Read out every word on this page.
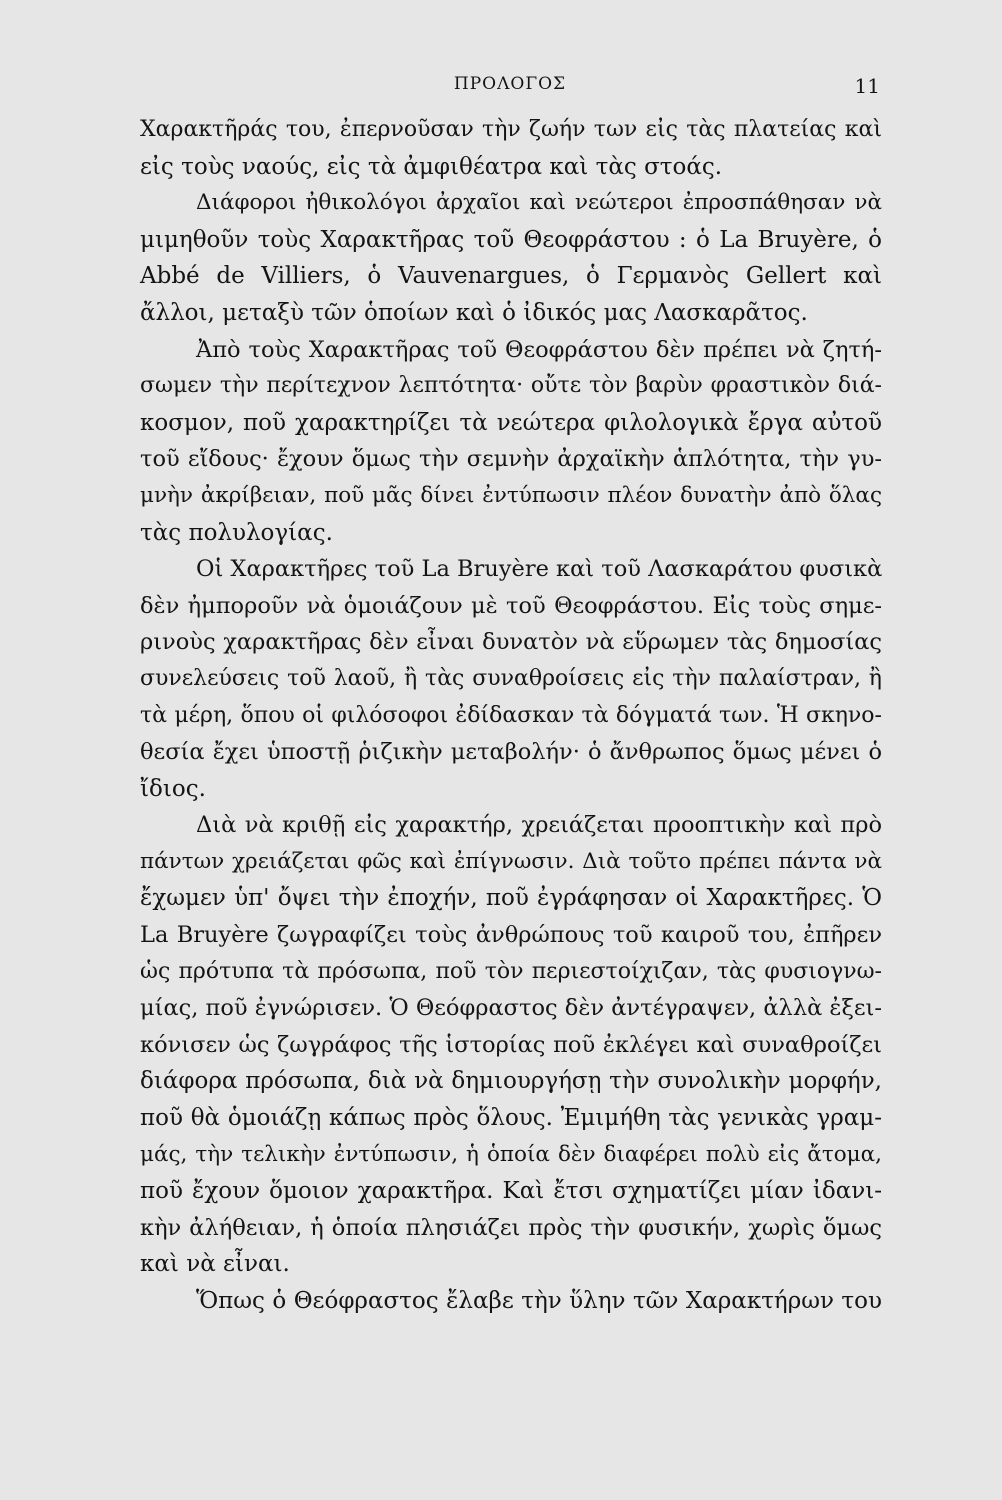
ΠΡΟΛΟΓΟΣ	11
Χαρακτῆράς του, ἐπερνοῦσαν τὴν ζωήν των εἰς τὰς πλατείας καὶ
εἰς τοὺς ναούς, εἰς τὰ ἀμφιθέατρα καὶ τὰς στοάς.
Διάφοροι ἠθικολόγοι ἀρχαῖοι καὶ νεώτεροι ἐπροσπάθησαν νὰ
μιμηθοῦν τοὺς Χαρακτῆρας τοῦ Θεοφράστου : ὁ La Bruyère, ὁ
Abbé de Villiers, ὁ Vauvenargues, ὁ Γερμανὸς Gellert καὶ
ἄλλοι, μεταξὺ τῶν ὁποίων καὶ ὁ ἰδικός μας Λασκαρᾶτος.
Ἀπὸ τοὺς Χαρακτῆρας τοῦ Θεοφράστου δὲν πρέπει νὰ ζητή-
σωμεν τὴν περίτεχνον λεπτότητα· οὔτε τὸν βαρὺν φραστικὸν διά-
κοσμον, ποῦ χαρακτηρίζει τὰ νεώτερα φιλολογικὰ ἔργα αὐτοῦ
τοῦ εἴδους· ἔχουν ὅμως τὴν σεμνὴν ἀρχαϊκὴν ἁπλότητα, τὴν γυ-
μνὴν ἀκρίβειαν, ποῦ μᾶς δίνει ἐντύπωσιν πλέον δυνατὴν ἀπὸ ὅλας
τὰς πολυλογίας.
Οἱ Χαρακτῆρες τοῦ La Bruyère καὶ τοῦ Λασκαράτου φυσικὰ
δὲν ἠμποροῦν νὰ ὁμοιάζουν μὲ τοῦ Θεοφράστου. Εἰς τοὺς σημε-
ρινοὺς χαρακτῆρας δὲν εἶναι δυνατὸν νὰ εὕρωμεν τὰς δημοσίας
συνελεύσεις τοῦ λαοῦ, ἢ τὰς συναθροίσεις εἰς τὴν παλαίστραν, ἢ
τὰ μέρη, ὅπου οἱ φιλόσοφοι ἐδίδασκαν τὰ δόγματά των. Ἡ σκηνο-
θεσία ἔχει ὑποστῇ ῥιζικὴν μεταβολήν· ὁ ἄνθρωπος ὅμως μένει ὁ
ἴδιος.
Διὰ νὰ κριθῇ εἰς χαρακτήρ, χρειάζεται προοπτικὴν καὶ πρὸ
πάντων χρειάζεται φῶς καὶ ἐπίγνωσιν. Διὰ τοῦτο πρέπει πάντα νὰ
ἔχωμεν ὑπ' ὄψει τὴν ἐποχήν, ποῦ ἐγράφησαν οἱ Χαρακτῆρες. Ὁ
La Bruyère ζωγραφίζει τοὺς ἀνθρώπους τοῦ καιροῦ του, ἐπῆρεν
ὡς πρότυπα τὰ πρόσωπα, ποῦ τὸν περιεστοίχιζαν, τὰς φυσιογνω-
μίας, ποῦ ἐγνώρισεν. Ὁ Θεόφραστος δὲν ἀντέγραψεν, ἀλλὰ ἐξει-
κόνισεν ὡς ζωγράφος τῆς ἱστορίας ποῦ ἐκλέγει καὶ συναθροίζει
διάφορα πρόσωπα, διὰ νὰ δημιουργήσῃ τὴν συνολικὴν μορφήν,
ποῦ θὰ ὁμοιάζῃ κάπως πρὸς ὅλους. Ἐμιμήθη τὰς γενικὰς γραμ-
μάς, τὴν τελικὴν ἐντύπωσιν, ἡ ὁποία δὲν διαφέρει πολὺ εἰς ἄτομα,
ποῦ ἔχουν ὅμοιον χαρακτῆρα. Καὶ ἔτσι σχηματίζει μίαν ἰδανι-
κὴν ἀλήθειαν, ἡ ὁποία πλησιάζει πρὸς τὴν φυσικήν, χωρὶς ὅμως
καὶ νὰ εἶναι.
Ὅπως ὁ Θεόφραστος ἔλαβε τὴν ὕλην τῶν Χαρακτήρων του
